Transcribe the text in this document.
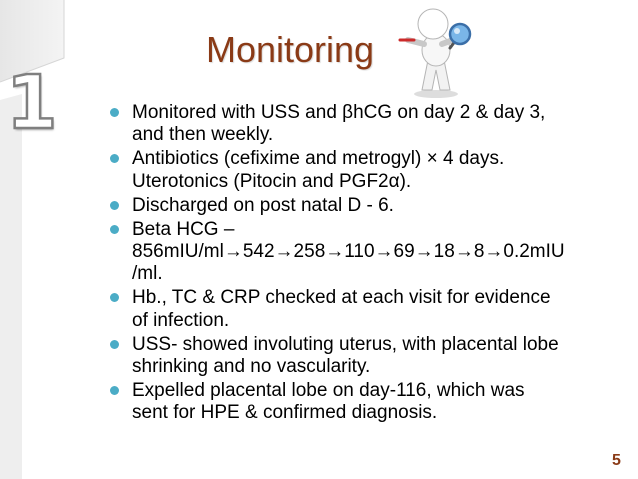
1
Monitoring
Monitored with USS and βhCG on day 2 & day 3,
and then weekly.
Antibiotics (cefixime and metrogyl) × 4 days.
Uterotonics (Pitocin and PGF2α).
Discharged on post natal D - 6.
Beta HCG –
856mIU/ml→542→258→110→69→18→8→0.2mIU
/ml.
Hb., TC & CRP checked at each visit for evidence
of infection.
USS- showed involuting uterus, with placental lobe
shrinking and no vascularity.
Expelled placental lobe on day-116, which was
sent for HPE & confirmed diagnosis.
5
